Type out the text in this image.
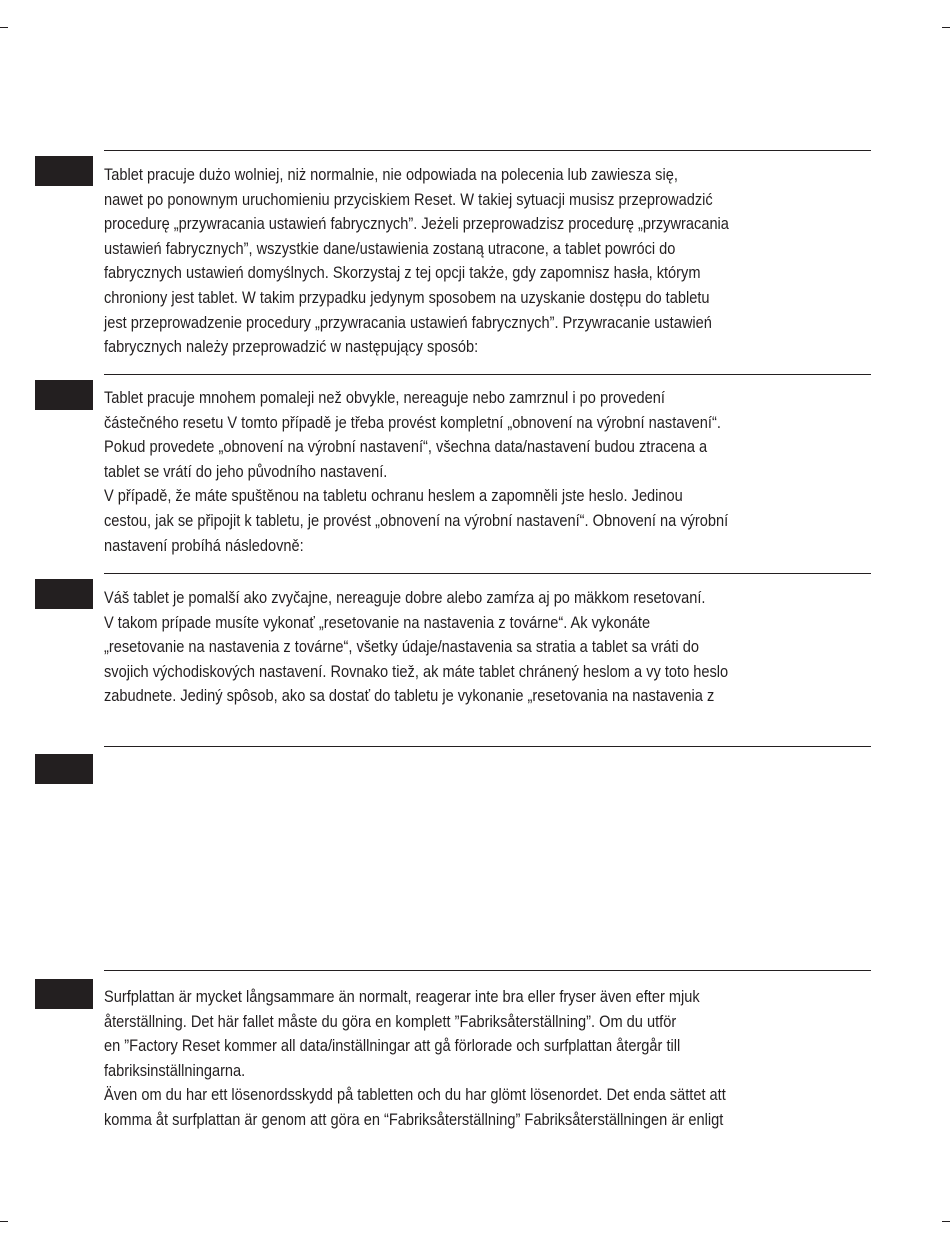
Tablet pracuje dużo wolniej, niż normalnie, nie odpowiada na polecenia lub zawiesza się,
nawet po ponownym uruchomieniu przyciskiem Reset. W takiej sytuacji musisz przeprowadzić
procedurę „przywracania ustawień fabrycznych”. Jeżeli przeprowadzisz procedurę „przywracania
ustawień fabrycznych”, wszystkie dane/ustawienia zostaną utracone, a tablet powróci do
fabrycznych ustawień domyślnych. Skorzystaj z tej opcji także, gdy zapomnisz hasła, którym
chroniony jest tablet. W takim przypadku jedynym sposobem na uzyskanie dostępu do tabletu
jest przeprowadzenie procedury „przywracania ustawień fabrycznych”. Przywracanie ustawień
fabrycznych należy przeprowadzić w następujący sposób:
Tablet pracuje mnohem pomaleji než obvykle, nereaguje nebo zamrznul i po provedení
částečného resetu V tomto případě je třeba provést kompletní „obnovení na výrobní nastavení“.
Pokud provedete „obnovení na výrobní nastavení“, všechna data/nastavení budou ztracena a
tablet se vrátí do jeho původního nastavení.
V případě, že máte spuštěnou na tabletu ochranu heslem a zapomněli jste heslo. Jedinou
cestou, jak se připojit k tabletu, je provést „obnovení na výrobní nastavení“. Obnovení na výrobní
nastavení probíhá následovně:
Váš tablet je pomalší ako zvyčajne, nereaguje dobre alebo zamŕza aj po mäkkom resetovaní.
V takom prípade musíte vykonať „resetovanie na nastavenia z továrne“. Ak vykonáte
„resetovanie na nastavenia z továrne“, všetky údaje/nastavenia sa stratia a tablet sa vráti do
svojich východiskových nastavení. Rovnako tiež, ak máte tablet chránený heslom a vy toto heslo
zabudnete. Jediný spôsob, ako sa dostať do tabletu je vykonanie „resetovania na nastavenia z
Surfplattan är mycket långsammare än normalt, reagerar inte bra eller fryser även efter mjuk
återställning. Det här fallet måste du göra en komplett ”Fabriksåterställning”. Om du utför
en ”Factory Reset kommer all data/inställningar att gå förlorade och surfplattan återgår till
fabriksinställningarna.
Även om du har ett lösenordsskydd på tabletten och du har glömt lösenordet. Det enda sättet att
komma åt surfplattan är genom att göra en “Fabriksåterställning” Fabriksåterställningen är enligt
